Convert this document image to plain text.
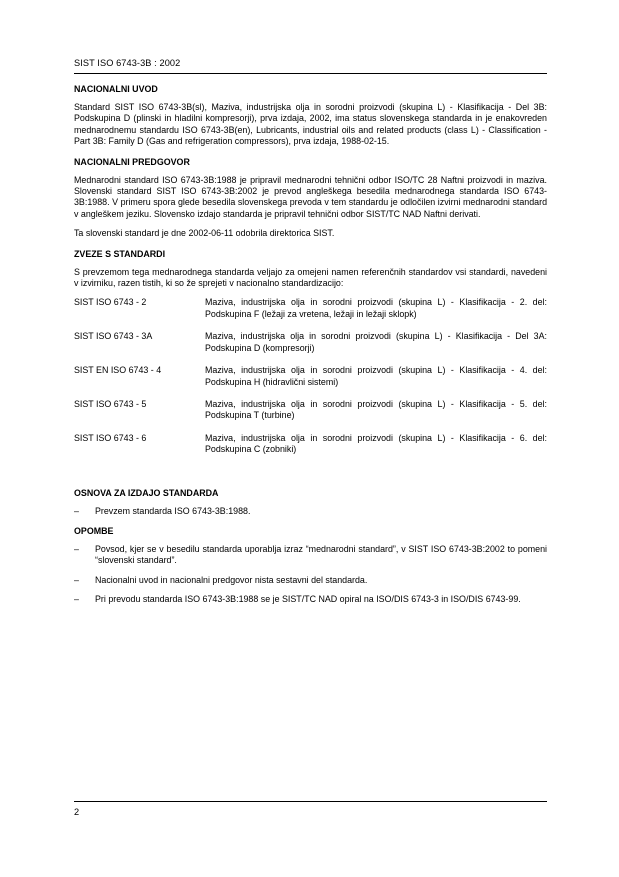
SIST ISO 6743-3B : 2002
NACIONALNI UVOD

Standard SIST ISO 6743-3B(sl), Maziva, industrijska olja in sorodni proizvodi (skupina L) - Klasifikacija - Del 3B: Podskupina D (plinski in hladilni kompresorji), prva izdaja, 2002, ima status slovenskega standarda in je enakovreden mednarodnemu standardu ISO 6743-3B(en), Lubricants, industrial oils and related products (class L) - Classification - Part 3B: Family D (Gas and refrigeration compressors), prva izdaja, 1988-02-15.

NACIONALNI PREDGOVOR

Mednarodni standard ISO 6743-3B:1988 je pripravil mednarodni tehnični odbor ISO/TC 28 Naftni proizvodi in maziva. Slovenski standard SIST ISO 6743-3B:2002 je prevod angleškega besedila mednarodnega standarda ISO 6743-3B:1988. V primeru spora glede besedila slovenskega prevoda v tem standardu je odločilen izvirni mednarodni standard v angleškem jeziku. Slovensko izdajo standarda je pripravil tehnični odbor SIST/TC NAD Naftni derivati.

Ta slovenski standard je dne 2002-06-11 odobrila direktorica SIST.

ZVEZE S STANDARDI

S prevzemom tega mednarodnega standarda veljajo za omejeni namen referenčnih standardov vsi standardi, navedeni v izvirniku, razen tistih, ki so že sprejeti v nacionalno standardizacijo:

SIST ISO 6743 - 2	Maziva, industrijska olja in sorodni proizvodi (skupina L) - Klasifikacija - 2. del: Podskupina F (ležaji za vretena, ležaji in ležaji sklopk)
SIST ISO 6743 - 3A	Maziva, industrijska olja in sorodni proizvodi (skupina L) - Klasifikacija - Del 3A: Podskupina D (kompresorji)
SIST EN ISO 6743 - 4	Maziva, industrijska olja in sorodni proizvodi (skupina L) - Klasifikacija - 4. del: Podskupina H (hidravlični sistemi)
SIST ISO 6743 - 5	Maziva, industrijska olja in sorodni proizvodi (skupina L) - Klasifikacija - 5. del: Podskupina T (turbine)
SIST ISO 6743 - 6	Maziva, industrijska olja in sorodni proizvodi (skupina L) - Klasifikacija - 6. del: Podskupina C (zobniki)
OSNOVA ZA IZDAJO STANDARDA
– Prevzem standarda ISO 6743-3B:1988.
OPOMBE
– Povsod, kjer se v besedilu standarda uporablja izraz “mednarodni standard”, v SIST ISO 6743-3B:2002 to pomeni “slovenski standard”.
– Nacionalni uvod in nacionalni predgovor nista sestavni del standarda.
– Pri prevodu standarda ISO 6743-3B:1988 se je SIST/TC NAD opiral na ISO/DIS 6743-3 in ISO/DIS 6743-99.
2
